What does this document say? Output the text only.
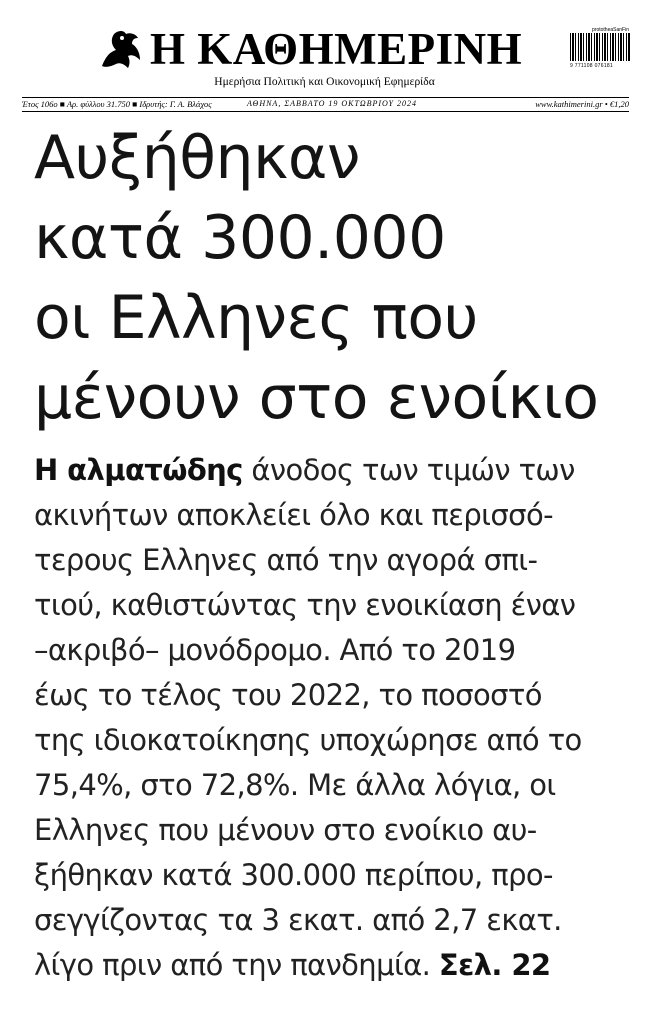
Η ΚΑΘΗΜΕΡΙΝΗ
Ημερήσια Πολιτική και Οικονομική Εφημερίδα
prototheaSanFin
9 771108 076181
Έτος 106ο ■ Αρ. φύλλου 31.750 ■ Ιδρυτής: Γ. Α. Βλάχος	ΑΘΗΝΑ, ΣΑΒΒΑΤΟ 19 ΟΚΤΩΒΡΙΟΥ 2024	www.kathimerini.gr • €1,20
Αυξήθηκαν
κατά 300.000
οι Ελληνες που
μένουν στο ενοίκιο
Η αλματώδης άνοδος των τιμών των
ακινήτων αποκλείει όλο και περισσό-
τερους Ελληνες από την αγορά σπι-
τιού, καθιστώντας την ενοικίαση έναν
–ακριβό– μονόδρομο. Από το 2019
έως το τέλος του 2022, το ποσοστό
της ιδιοκατοίκησης υποχώρησε από το
75,4%, στο 72,8%. Με άλλα λόγια, οι
Ελληνες που μένουν στο ενοίκιο αυ-
ξήθηκαν κατά 300.000 περίπου, προ-
σεγγίζοντας τα 3 εκατ. από 2,7 εκατ.
λίγο πριν από την πανδημία. Σελ. 22
